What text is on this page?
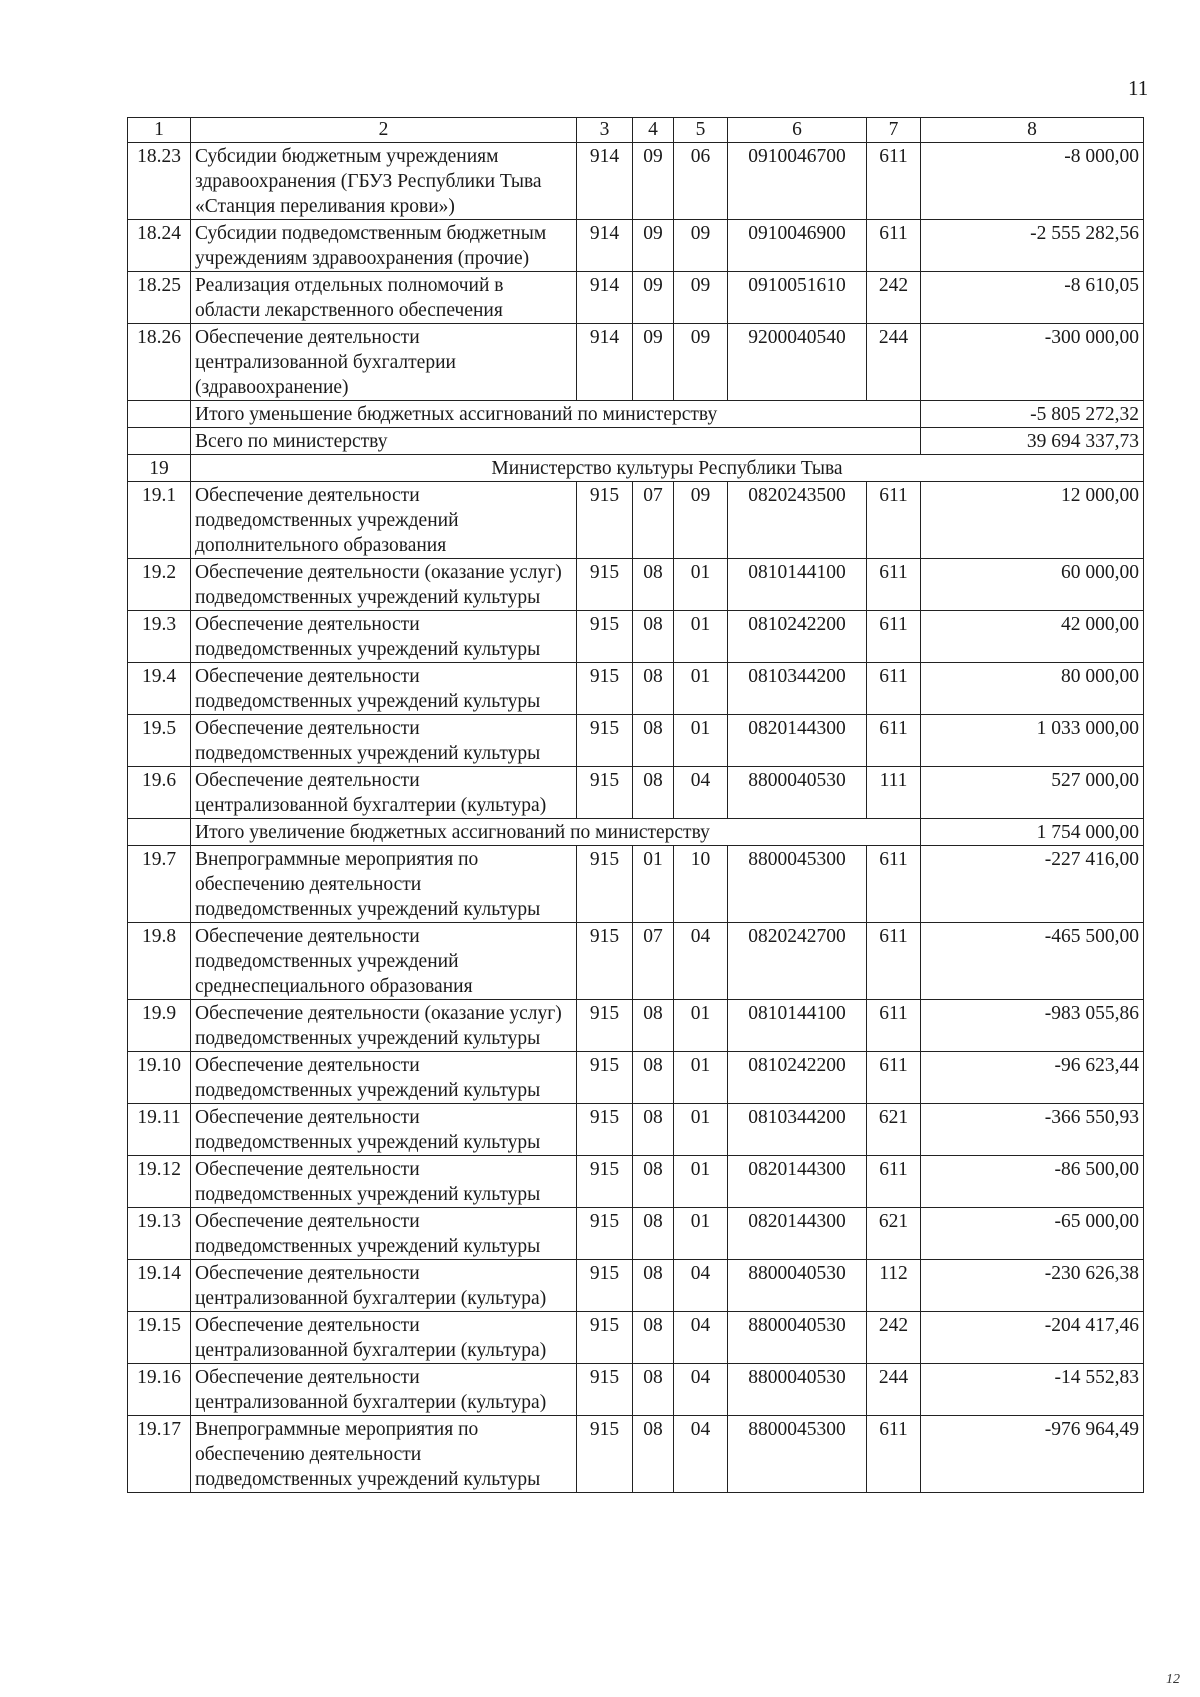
11
1	2	3	4	5	6	7	8
18.23	Субсидии бюджетным учреждениям здравоохранения (ГБУЗ Республики Тыва «Станция переливания крови»)	914	09	06	0910046700	611	-8 000,00
18.24	Субсидии подведомственным бюджетным учреждениям здравоохранения (прочие)	914	09	09	0910046900	611	-2 555 282,56
18.25	Реализация отдельных полномочий в области лекарственного обеспечения	914	09	09	0910051610	242	-8 610,05
18.26	Обеспечение деятельности централизованной бухгалтерии (здравоохранение)	914	09	09	9200040540	244	-300 000,00
	Итого уменьшение бюджетных ассигнований по министерству						-5 805 272,32
	Всего по министерству						39 694 337,73
19	Министерство культуры Республики Тыва						
19.1	Обеспечение деятельности подведомственных учреждений дополнительного образования	915	07	09	0820243500	611	12 000,00
19.2	Обеспечение деятельности (оказание услуг) подведомственных учреждений культуры	915	08	01	0810144100	611	60 000,00
19.3	Обеспечение деятельности подведомственных учреждений культуры	915	08	01	0810242200	611	42 000,00
19.4	Обеспечение деятельности подведомственных учреждений культуры	915	08	01	0810344200	611	80 000,00
19.5	Обеспечение деятельности подведомственных учреждений культуры	915	08	01	0820144300	611	1 033 000,00
19.6	Обеспечение деятельности централизованной бухгалтерии (культура)	915	08	04	8800040530	111	527 000,00
	Итого увеличение бюджетных ассигнований по министерству						1 754 000,00
19.7	Внепрограммные мероприятия по обеспечению деятельности подведомственных учреждений культуры	915	01	10	8800045300	611	-227 416,00
19.8	Обеспечение деятельности подведомственных учреждений среднеспециального образования	915	07	04	0820242700	611	-465 500,00
19.9	Обеспечение деятельности (оказание услуг) подведомственных учреждений культуры	915	08	01	0810144100	611	-983 055,86
19.10	Обеспечение деятельности подведомственных учреждений культуры	915	08	01	0810242200	611	-96 623,44
19.11	Обеспечение деятельности подведомственных учреждений культуры	915	08	01	0810344200	621	-366 550,93
19.12	Обеспечение деятельности подведомственных учреждений культуры	915	08	01	0820144300	611	-86 500,00
19.13	Обеспечение деятельности подведомственных учреждений культуры	915	08	01	0820144300	621	-65 000,00
19.14	Обеспечение деятельности централизованной бухгалтерии (культура)	915	08	04	8800040530	112	-230 626,38
19.15	Обеспечение деятельности централизованной бухгалтерии (культура)	915	08	04	8800040530	242	-204 417,46
19.16	Обеспечение деятельности централизованной бухгалтерии (культура)	915	08	04	8800040530	244	-14 552,83
19.17	Внепрограммные мероприятия по обеспечению деятельности подведомственных учреждений культуры	915	08	04	8800045300	611	-976 964,49
12
